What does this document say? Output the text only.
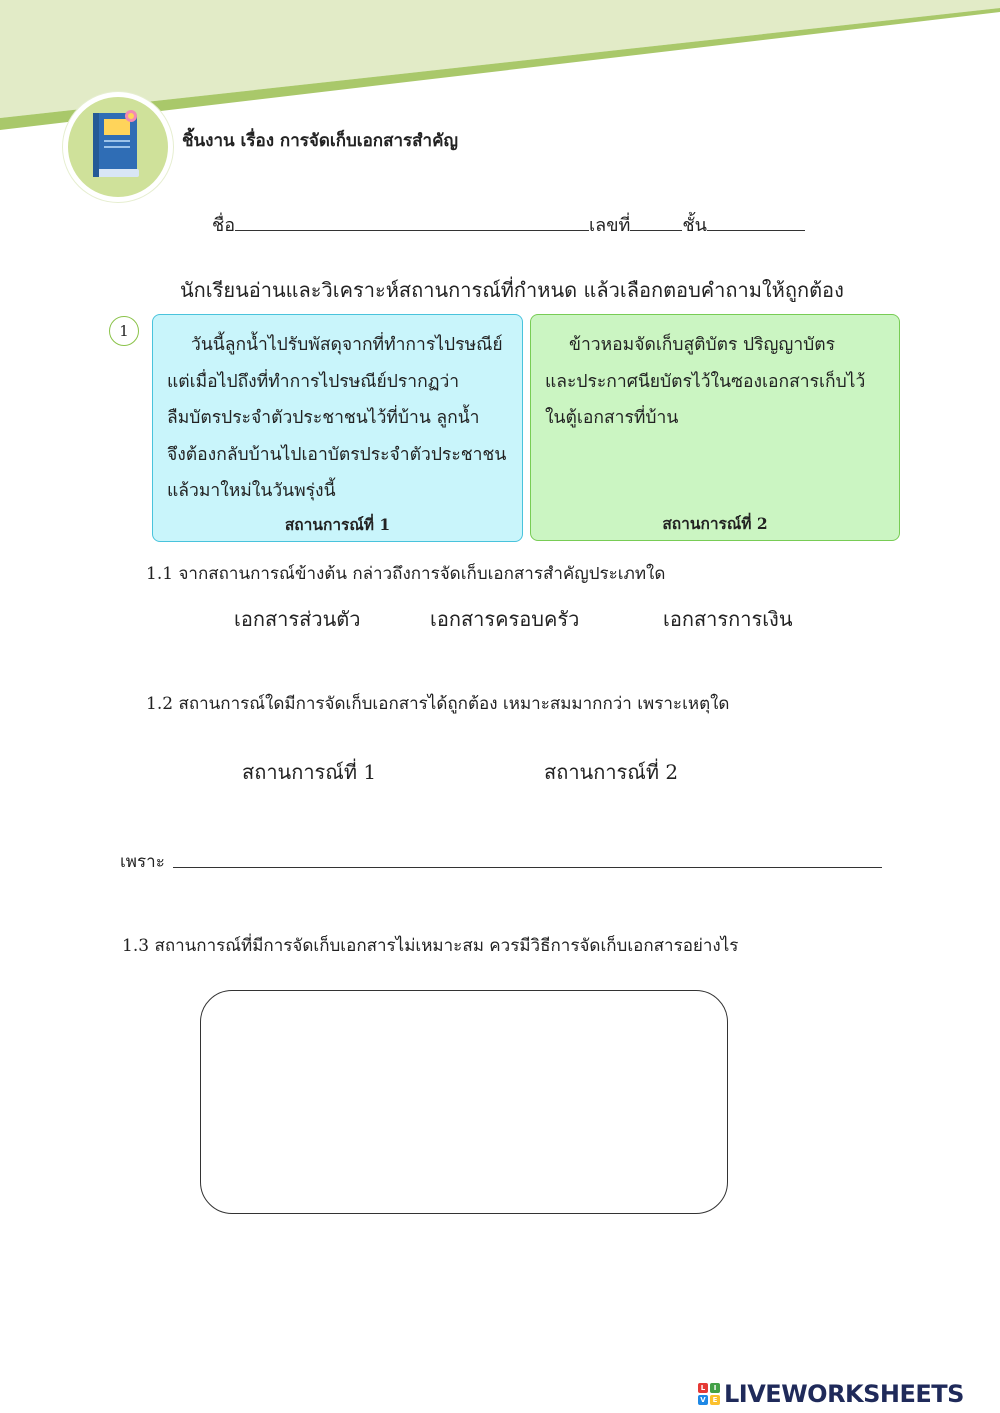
ชิ้นงาน เรื่อง การจัดเก็บเอกสารสำคัญ
ชื่อ	เลขที่	ชั้น
นักเรียนอ่านและวิเคราะห์สถานการณ์ที่กำหนด แล้วเลือกตอบคำถามให้ถูกต้อง
1

วันนี้ลูกน้ำไปรับพัสดุจากที่ทำการไปรษณีย์

แต่เมื่อไปถึงที่ทำการไปรษณีย์ปรากฏว่า

ลืมบัตรประจำตัวประชาชนไว้ที่บ้าน ลูกน้ำ

จึงต้องกลับบ้านไปเอาบัตรประจำตัวประชาชน

แล้วมาใหม่ในวันพรุ่งนี้

สถานการณ์ที่ 1

ข้าวหอมจัดเก็บสูติบัตร ปริญญาบัตร

และประกาศนียบัตรไว้ในซองเอกสารเก็บไว้

ในตู้เอกสารที่บ้าน

สถานการณ์ที่ 2
1.1 จากสถานการณ์ข้างต้น กล่าวถึงการจัดเก็บเอกสารสำคัญประเภทใด
เอกสารส่วนตัว	เอกสารครอบครัว	เอกสารการเงิน
1.2 สถานการณ์ใดมีการจัดเก็บเอกสารได้ถูกต้อง เหมาะสมมากกว่า เพราะเหตุใด
สถานการณ์ที่ 1	สถานการณ์ที่ 2
เพราะ
1.3 สถานการณ์ที่มีการจัดเก็บเอกสารไม่เหมาะสม ควรมีวิธีการจัดเก็บเอกสารอย่างไร
L	I
V E LIVEWORKSHEETS
